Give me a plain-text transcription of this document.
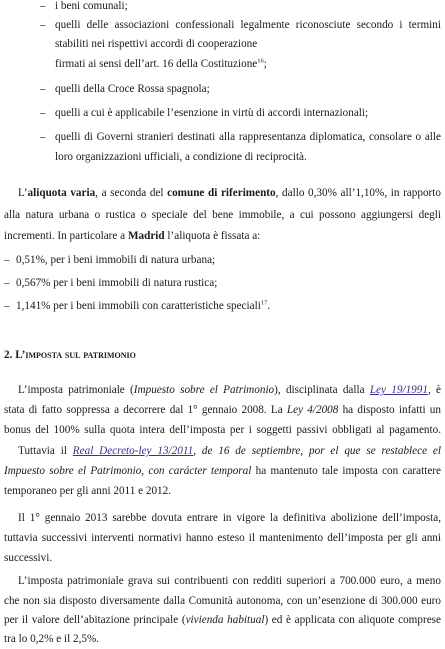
– i beni comunali;
– quelli delle associazioni confessionali legalmente riconosciute secondo i termini
stabiliti nei rispettivi accordi di cooperazione
firmati ai sensi dell’art. 16 della Costituzione$^{16}$;
– quelli della Croce Rossa spagnola;
– quelli a cui è applicabile l’esenzione in virtù di accordi internazionali;
– quelli di Governi stranieri destinati alla rappresentanza diplomatica, consolare o alle
loro organizzazioni ufficiali, a condizione di reciprocità.
L’aliquota varia, a seconda del comune di riferimento, dallo 0,30% all’1,10%, in rapporto
alla natura urbana o rustica o speciale del bene immobile, a cui possono aggiungersi degli
incrementi. In particolare a Madrid l’aliquota è fissata a:
– 0,51%, per i beni immobili di natura urbana;
– 0,567% per i beni immobili di natura rustica;
– 1,141% per i beni immobili con caratteristiche speciali$^{17}$.
2. L’imposta sul patrimonio
L’imposta patrimoniale (Impuesto sobre el Patrimonio), disciplinata dalla Ley 19/1991, è
stata di fatto soppressa a decorrere dal 1° gennaio 2008. La Ley 4/2008 ha disposto infatti un
bonus del 100% sulla quota intera dell’imposta per i soggetti passivi obbligati al pagamento.
Tuttavia il Real Decreto-ley 13/2011, de 16 de septiembre, por el que se restablece el
Impuesto sobre el Patrimonio, con carácter temporal ha mantenuto tale imposta con carattere
temporaneo per gli anni 2011 e 2012.
Il 1° gennaio 2013 sarebbe dovuta entrare in vigore la definitiva abolizione dell’imposta,
tuttavia successivi interventi normativi hanno esteso il mantenimento dell’imposta per gli anni
successivi.
L’imposta patrimoniale grava sui contribuenti con redditi superiori a 700.000 euro, a meno
che non sia disposto diversamente dalla Comunità autonoma, con un’esenzione di 300.000 euro
per il valore dell’abitazione principale (vivienda habitual) ed è applicata con aliquote comprese
tra lo 0,2% e il 2,5%.
